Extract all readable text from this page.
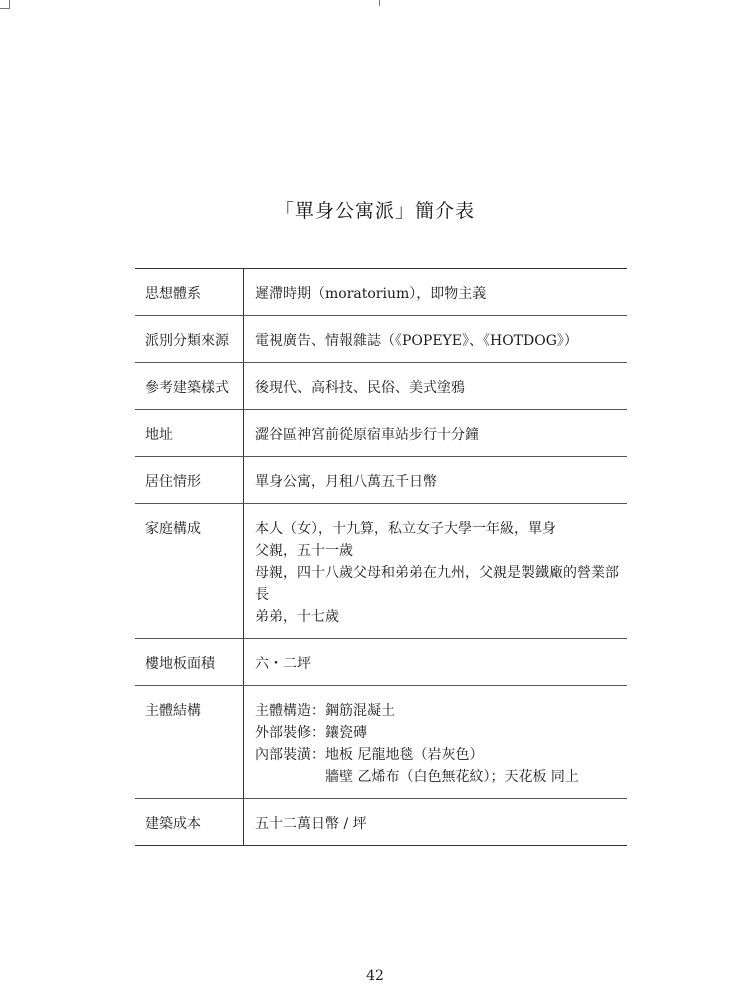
「單身公寓派」簡介表
思想體系	遲滯時期（moratorium），即物主義

派別分類來源	電視廣告、情報雜誌（《POPEYE》、《HOTDOG》）

參考建築樣式	後現代、高科技、民俗、美式塗鴉

地址	澀谷區神宮前從原宿車站步行十分鐘

居住情形	單身公寓，月租八萬五千日幣

家庭構成	本人（女），十九算，私立女子大學一年級，單身
父親，五十一歲
母親，四十八歲父母和弟弟在九州，父親是製鐵廠的營業部長
弟弟，十七歲

樓地板面積	六・二坪

主體結構	主體構造：鋼筋混凝土
外部裝修：鑲瓷磚
內部裝潢：地板 尼龍地毯（岩灰色）
牆壁 乙烯布（白色無花紋）；天花板 同上

建築成本	五十二萬日幣 / 坪
42
